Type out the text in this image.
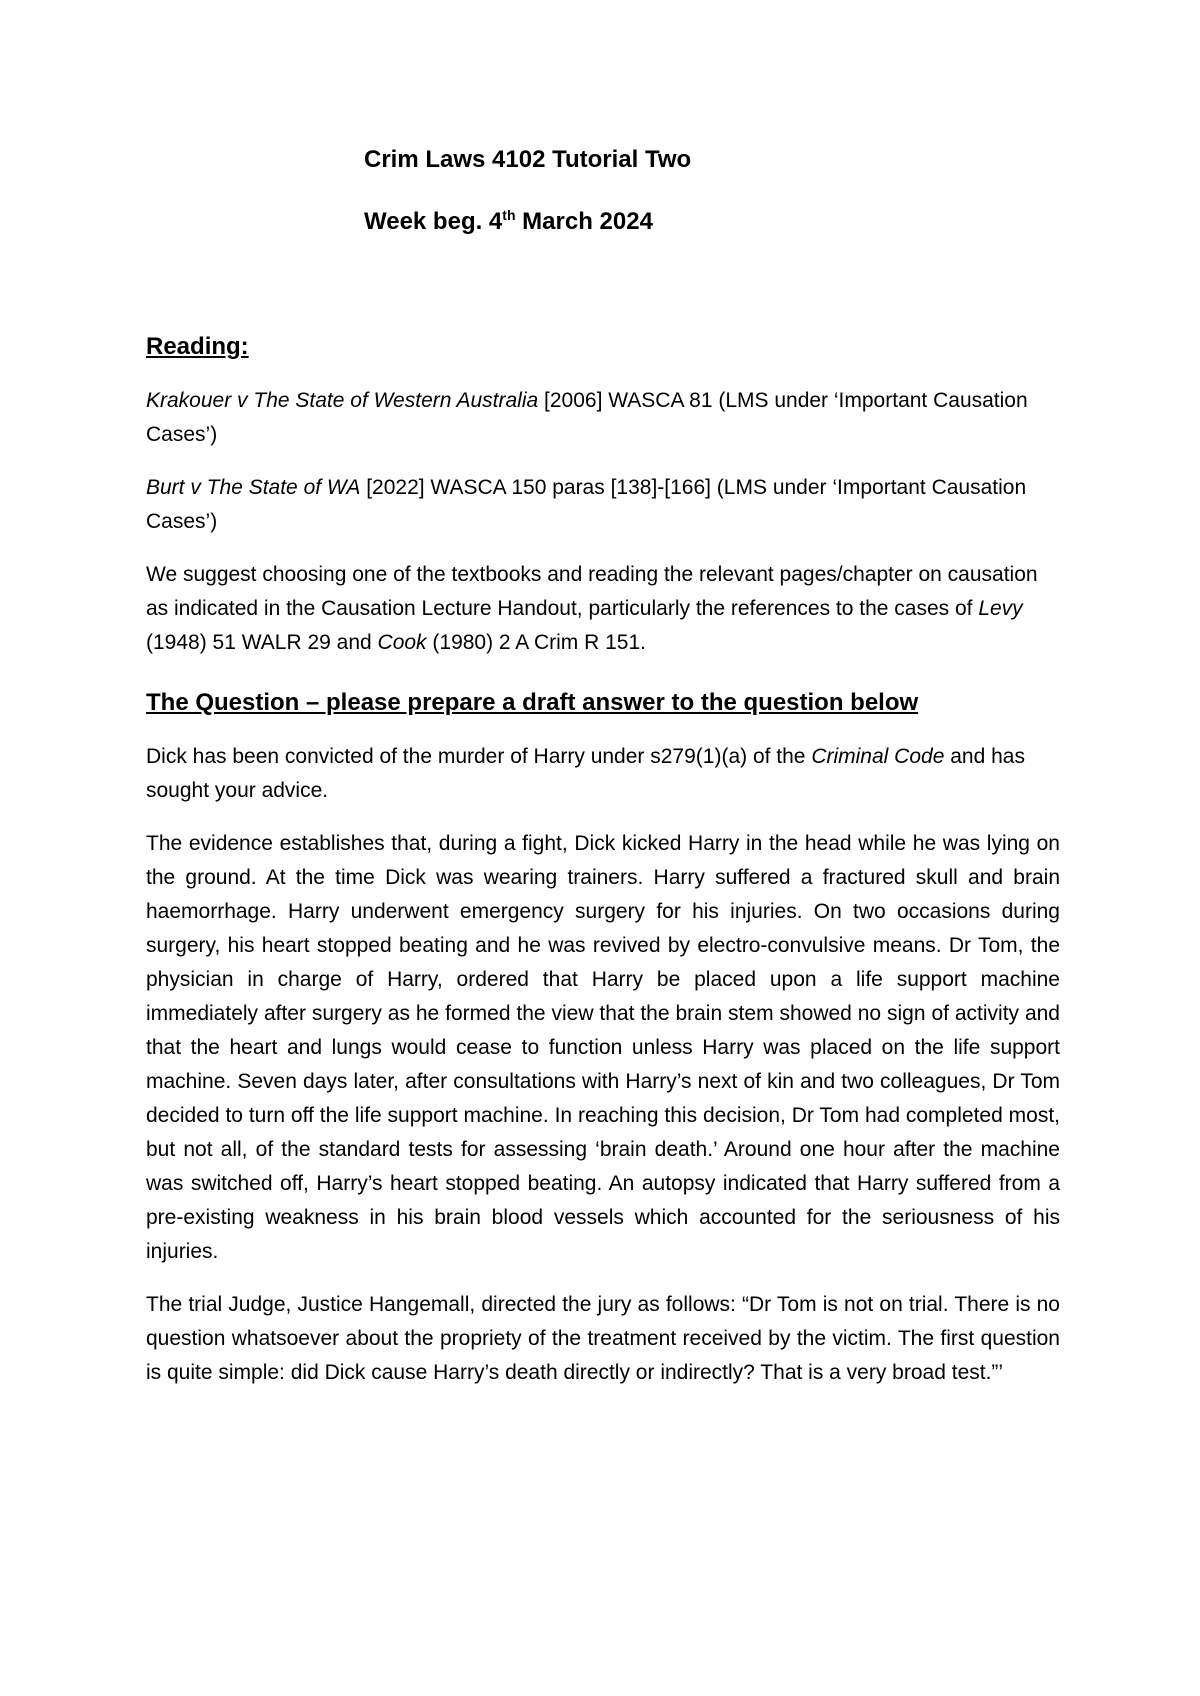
Crim Laws 4102 Tutorial Two

Week beg. 4th March 2024

Reading:

Krakouer v The State of Western Australia [2006] WASCA 81 (LMS under ‘Important Causation Cases’)

Burt v The State of WA [2022] WASCA 150 paras [138]-[166] (LMS under ‘Important Causation Cases’)

We suggest choosing one of the textbooks and reading the relevant pages/chapter on causation as indicated in the Causation Lecture Handout, particularly the references to the cases of Levy (1948) 51 WALR 29 and Cook (1980) 2 A Crim R 151.

The Question – please prepare a draft answer to the question below

Dick has been convicted of the murder of Harry under s279(1)(a) of the Criminal Code and has sought your advice.

The evidence establishes that, during a fight, Dick kicked Harry in the head while he was lying on the ground. At the time Dick was wearing trainers. Harry suffered a fractured skull and brain haemorrhage. Harry underwent emergency surgery for his injuries. On two occasions during surgery, his heart stopped beating and he was revived by electro-convulsive means. Dr Tom, the physician in charge of Harry, ordered that Harry be placed upon a life support machine immediately after surgery as he formed the view that the brain stem showed no sign of activity and that the heart and lungs would cease to function unless Harry was placed on the life support machine. Seven days later, after consultations with Harry’s next of kin and two colleagues, Dr Tom decided to turn off the life support machine. In reaching this decision, Dr Tom had completed most, but not all, of the standard tests for assessing ‘brain death.’ Around one hour after the machine was switched off, Harry’s heart stopped beating. An autopsy indicated that Harry suffered from a pre-existing weakness in his brain blood vessels which accounted for the seriousness of his injuries.

The trial Judge, Justice Hangemall, directed the jury as follows: “Dr Tom is not on trial. There is no question whatsoever about the propriety of the treatment received by the victim. The first question is quite simple: did Dick cause Harry’s death directly or indirectly? That is a very broad test.”’
